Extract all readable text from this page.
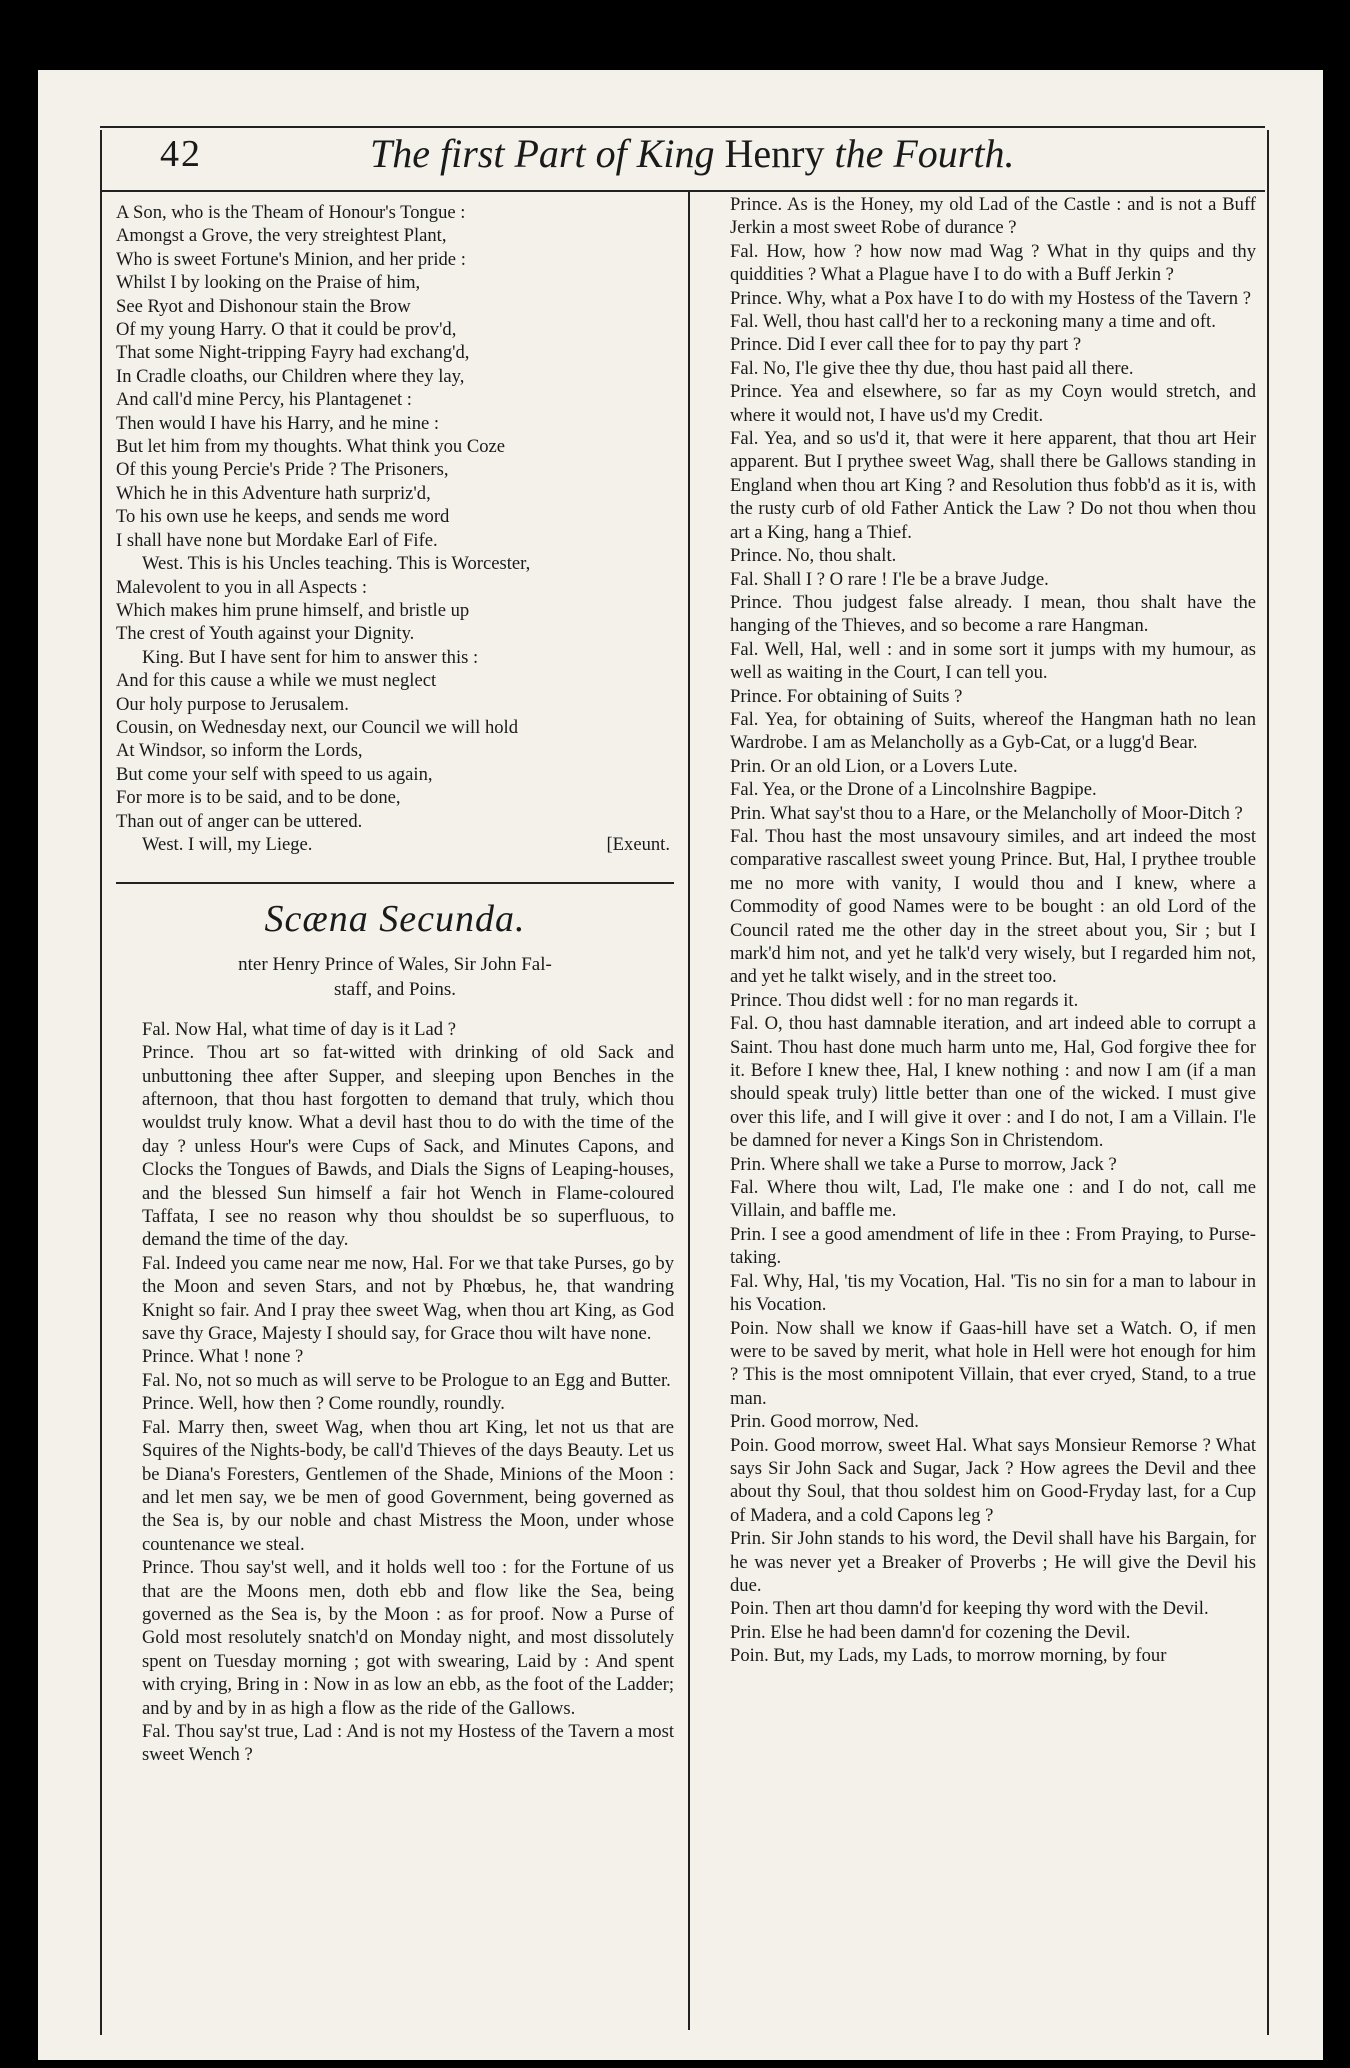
42	The first Part of King Henry the Fourth.

A Son, who is the Theam of Honour's Tongue :

Amongst a Grove, the very streightest Plant,

Who is sweet Fortune's Minion, and her pride :

Whilst I by looking on the Praise of him,

See Ryot and Dishonour stain the Brow

Of my young Harry. O that it could be prov'd,

That some Night-tripping Fayry had exchang'd,

In Cradle cloaths, our Children where they lay,

And call'd mine Percy, his Plantagenet :

Then would I have his Harry, and he mine :

But let him from my thoughts. What think you Coze

Of this young Percie's Pride ? The Prisoners,

Which he in this Adventure hath surpriz'd,

To his own use he keeps, and sends me word

I shall have none but Mordake Earl of Fife.

West. This is his Uncles teaching. This is Worcester,

Malevolent to you in all Aspects :

Which makes him prune himself, and bristle up

The crest of Youth against your Dignity.

King. But I have sent for him to answer this :

And for this cause a while we must neglect

Our holy purpose to Jerusalem.

Cousin, on Wednesday next, our Council we will hold

At Windsor, so inform the Lords,

But come your self with speed to us again,

For more is to be said, and to be done,

Than out of anger can be uttered.

West. I will, my Liege.	[Exeunt.

Scæna Secunda.
nter Henry Prince of Wales, Sir John Fal-
staff, and Poins.

Fal. Now Hal, what time of day is it Lad ?

Prince. Thou art so fat-witted with drinking of old Sack and unbuttoning thee after Supper, and sleeping upon Benches in the afternoon, that thou hast forgotten to demand that truly, which thou wouldst truly know. What a devil hast thou to do with the time of the day ? unless Hour's were Cups of Sack, and Minutes Capons, and Clocks the Tongues of Bawds, and Dials the Signs of Leaping-houses, and the blessed Sun himself a fair hot Wench in Flame-coloured Taffata, I see no reason why thou shouldst be so superfluous, to demand the time of the day.

Fal. Indeed you came near me now, Hal. For we that take Purses, go by the Moon and seven Stars, and not by Phœbus, he, that wandring Knight so fair. And I pray thee sweet Wag, when thou art King, as God save thy Grace, Majesty I should say, for Grace thou wilt have none.

Prince. What ! none ?

Fal. No, not so much as will serve to be Prologue to an Egg and Butter.

Prince. Well, how then ? Come roundly, roundly.

Fal. Marry then, sweet Wag, when thou art King, let not us that are Squires of the Nights-body, be call'd Thieves of the days Beauty. Let us be Diana's Foresters, Gentlemen of the Shade, Minions of the Moon : and let men say, we be men of good Government, being governed as the Sea is, by our noble and chast Mistress the Moon, under whose countenance we steal.

Prince. Thou say'st well, and it holds well too : for the Fortune of us that are the Moons men, doth ebb and flow like the Sea, being governed as the Sea is, by the Moon : as for proof. Now a Purse of Gold most resolutely snatch'd on Monday night, and most dissolutely spent on Tuesday morning ; got with swearing, Laid by : And spent with crying, Bring in : Now in as low an ebb, as the foot of the Ladder; and by and by in as high a flow as the ride of the Gallows.

Fal. Thou say'st true, Lad : And is not my Hostess of the Tavern a most sweet Wench ?

Prince. As is the Honey, my old Lad of the Castle : and is not a Buff Jerkin a most sweet Robe of durance ?

Fal. How, how ? how now mad Wag ? What in thy quips and thy quiddities ? What a Plague have I to do with a Buff Jerkin ?

Prince. Why, what a Pox have I to do with my Hostess of the Tavern ?

Fal. Well, thou hast call'd her to a reckoning many a time and oft.

Prince. Did I ever call thee for to pay thy part ?

Fal. No, I'le give thee thy due, thou hast paid all there.

Prince. Yea and elsewhere, so far as my Coyn would stretch, and where it would not, I have us'd my Credit.

Fal. Yea, and so us'd it, that were it here apparent, that thou art Heir apparent. But I prythee sweet Wag, shall there be Gallows standing in England when thou art King ? and Resolution thus fobb'd as it is, with the rusty curb of old Father Antick the Law ? Do not thou when thou art a King, hang a Thief.

Prince. No, thou shalt.

Fal. Shall I ? O rare ! I'le be a brave Judge.

Prince. Thou judgest false already. I mean, thou shalt have the hanging of the Thieves, and so become a rare Hangman.

Fal. Well, Hal, well : and in some sort it jumps with my humour, as well as waiting in the Court, I can tell you.

Prince. For obtaining of Suits ?

Fal. Yea, for obtaining of Suits, whereof the Hangman hath no lean Wardrobe. I am as Melancholly as a Gyb-Cat, or a lugg'd Bear.

Prin. Or an old Lion, or a Lovers Lute.

Fal. Yea, or the Drone of a Lincolnshire Bagpipe.

Prin. What say'st thou to a Hare, or the Melancholly of Moor-Ditch ?

Fal. Thou hast the most unsavoury similes, and art indeed the most comparative rascallest sweet young Prince. But, Hal, I prythee trouble me no more with vanity, I would thou and I knew, where a Commodity of good Names were to be bought : an old Lord of the Council rated me the other day in the street about you, Sir ; but I mark'd him not, and yet he talk'd very wisely, but I regarded him not, and yet he talkt wisely, and in the street too.

Prince. Thou didst well : for no man regards it.

Fal. O, thou hast damnable iteration, and art indeed able to corrupt a Saint. Thou hast done much harm unto me, Hal, God forgive thee for it. Before I knew thee, Hal, I knew nothing : and now I am (if a man should speak truly) little better than one of the wicked. I must give over this life, and I will give it over : and I do not, I am a Villain. I'le be damned for never a Kings Son in Christendom.

Prin. Where shall we take a Purse to morrow, Jack ?

Fal. Where thou wilt, Lad, I'le make one : and I do not, call me Villain, and baffle me.

Prin. I see a good amendment of life in thee : From Praying, to Purse-taking.

Fal. Why, Hal, 'tis my Vocation, Hal. 'Tis no sin for a man to labour in his Vocation.

Poin. Now shall we know if Gaas-hill have set a Watch. O, if men were to be saved by merit, what hole in Hell were hot enough for him ? This is the most omnipotent Villain, that ever cryed, Stand, to a true man.

Prin. Good morrow, Ned.

Poin. Good morrow, sweet Hal. What says Monsieur Remorse ? What says Sir John Sack and Sugar, Jack ? How agrees the Devil and thee about thy Soul, that thou soldest him on Good-Fryday last, for a Cup of Madera, and a cold Capons leg ?

Prin. Sir John stands to his word, the Devil shall have his Bargain, for he was never yet a Breaker of Proverbs ; He will give the Devil his due.

Poin. Then art thou damn'd for keeping thy word with the Devil.

Prin. Else he had been damn'd for cozening the Devil.

Poin. But, my Lads, my Lads, to morrow morning, by four
